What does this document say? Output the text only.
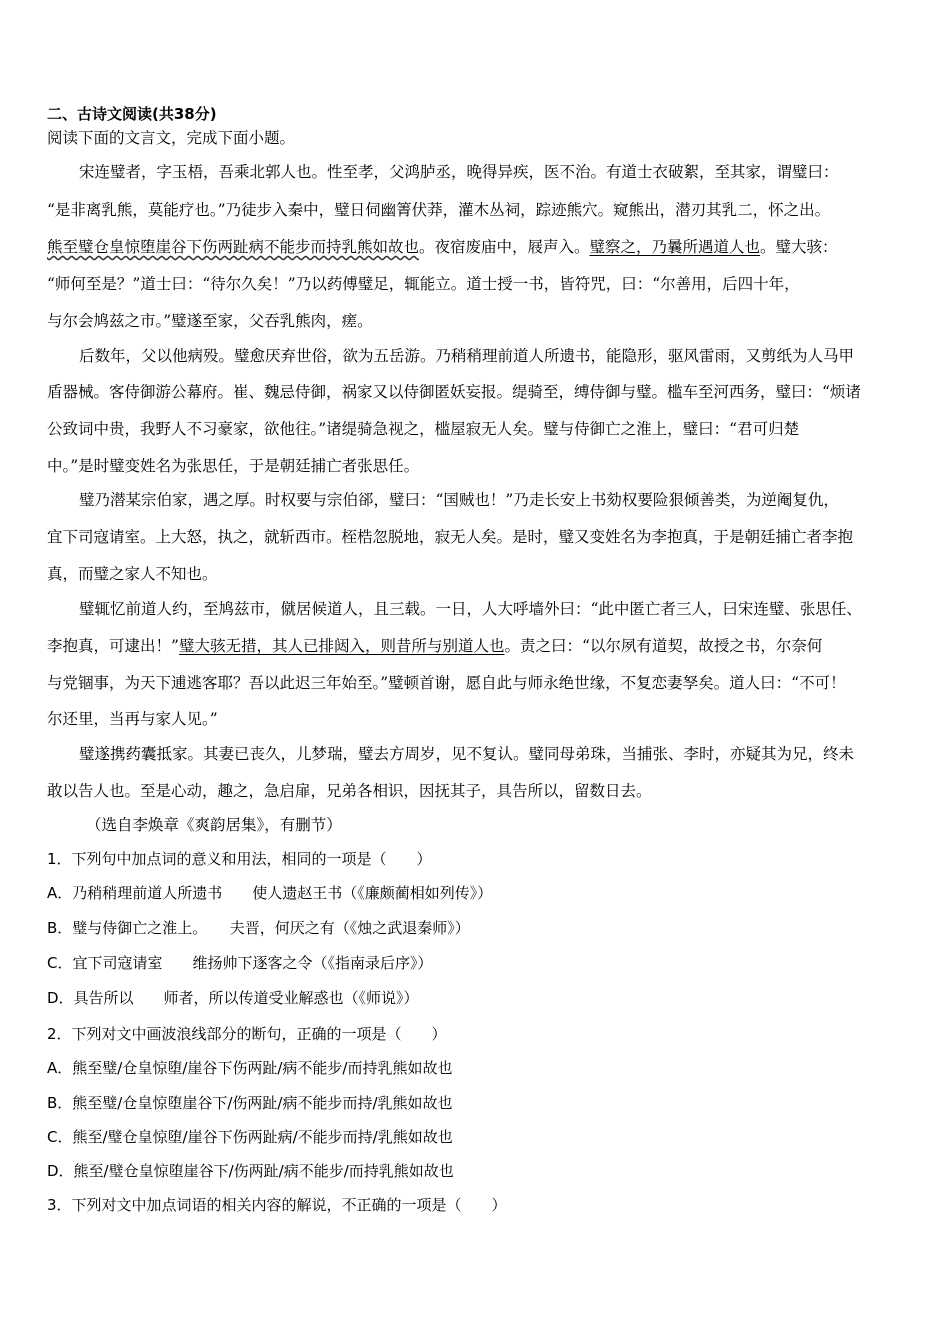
二、古诗文阅读(共38分)
阅读下面的文言文，完成下面小题。
宋连璧者，字玉梧，吾乘北郭人也。性至孝，父鸿胪丞，晚得异疾，医不治。有道士衣破絮，至其家，谓璧曰：
“是非离乳熊，莫能疗也。”乃徒步入秦中，璧日伺幽箐伏莽，灌木丛祠，踪迹熊穴。窥熊出，潜刃其乳二，怀之出。
熊至璧仓皇惊堕崖谷下伤两趾病不能步而持乳熊如故也。夜宿废庙中，屐声入。璧察之，乃曩所遇道人也。璧大骇：
“师何至是？”道士曰：“待尔久矣！”乃以药傅璧足，辄能立。道士授一书，皆符咒，曰：“尔善用，后四十年，
与尔会鸠兹之市。”璧遂至家，父吞乳熊肉，瘥。
后数年，父以他病殁。璧愈厌弃世俗，欲为五岳游。乃稍稍理前道人所遗书，能隐形，驱风雷雨，又剪纸为人马甲
盾器械。客侍御游公幕府。崔、魏忌侍御，祸家又以侍御匿妖妄报。缇骑至，缚侍御与璧。槛车至河西务，璧曰：“烦诸
公致词中贵，我野人不习豪家，欲他往。”诸缇骑急视之，槛屋寂无人矣。璧与侍御亡之淮上，璧曰：“君可归楚
中。”是时璧变姓名为张思任，于是朝廷捕亡者张思任。
璧乃潜某宗伯家，遇之厚。时权要与宗伯郤，璧曰：“国贼也！”乃走长安上书劾权要险狠倾善类，为逆阉复仇，
宜下司寇请室。上大怒，执之，就斩西市。桎梏忽脱地，寂无人矣。是时，璧又变姓名为李抱真，于是朝廷捕亡者李抱
真，而璧之家人不知也。
璧辄忆前道人约，至鸠兹市，僦居候道人，且三载。一日，人大呼墙外曰：“此中匿亡者三人，曰宋连璧、张思任、
李抱真，可逮出！”璧大骇无措，其人已排闼入，则昔所与别道人也。责之曰：“以尔夙有道契，故授之书，尔奈何
与党锢事，为天下逋逃客耶？吾以此迟三年始至。”璧顿首谢，愿自此与师永绝世缘，不复恋妻孥矣。道人曰：“不可！
尔还里，当再与家人见。”
璧遂携药囊抵家。其妻已丧久，儿梦瑞，璧去方周岁，见不复认。璧同母弟珠，当捕张、李时，亦疑其为兄，终未
敢以告人也。至是心动，趣之，急启扉，兄弟各相识，因抚其子，具告所以，留数日去。
（选自李焕章《爽韵居集》，有删节）
1．下列句中加点词的意义和用法，相同的一项是（　　）
A．乃稍稍理前道人所遗书　　使人遗赵王书（《廉颇蔺相如列传》）
B．璧与侍御亡之淮上。　　夫晋，何厌之有（《烛之武退秦师》）
C．宜下司寇请室　　维扬帅下逐客之令（《指南录后序》）
D．具告所以　　师者，所以传道受业解惑也（《师说》）
2．下列对文中画波浪线部分的断句，正确的一项是（　　）
A．熊至璧/仓皇惊堕/崖谷下伤两趾/病不能步/而持乳熊如故也
B．熊至璧/仓皇惊堕崖谷下/伤两趾/病不能步而持/乳熊如故也
C．熊至/璧仓皇惊堕/崖谷下伤两趾病/不能步而持/乳熊如故也
D．熊至/璧仓皇惊堕崖谷下/伤两趾/病不能步/而持乳熊如故也
3．下列对文中加点词语的相关内容的解说，不正确的一项是（　　）
